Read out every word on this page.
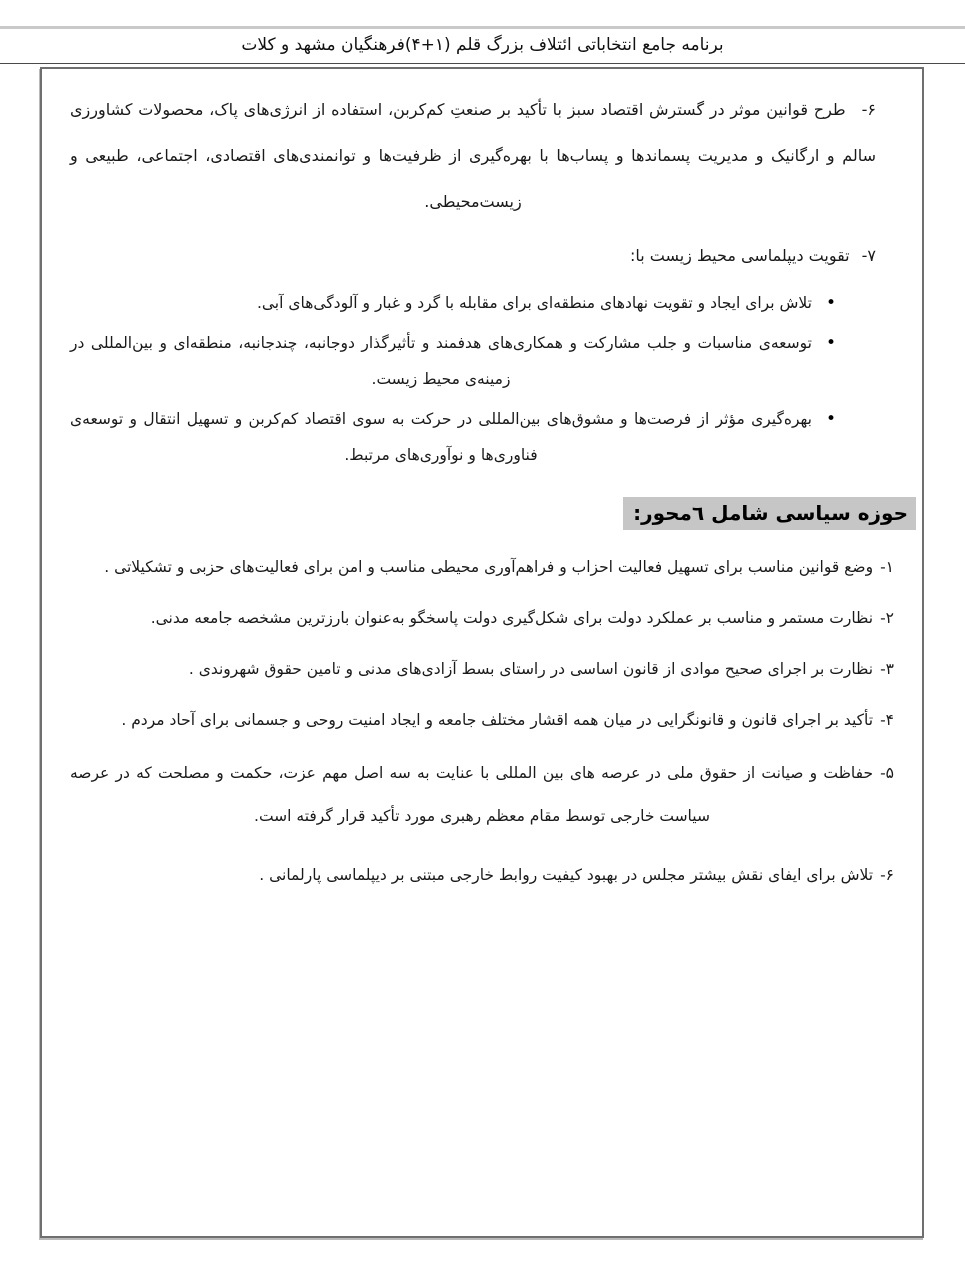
برنامه جامع انتخاباتی ائتلاف بزرگ قلم (۱+۴)فرهنگیان مشهد و کلات

۶-طرح قوانین موثر در گسترش اقتصاد سبز با تأکید بر صنعتِ کم‌کربن، استفاده از انرژی‌های پاک، محصولات کشاورزی سالم و ارگانیک و مدیریت پسماندها و پساب‌ها با بهره‌گیری از ظرفیت‌ها و توانمندی‌های اقتصادی، اجتماعی، طبیعی و زیست‌محیطی.

۷-تقویت دیپلماسی محیط زیست با:

•
تلاش برای ایجاد و تقویت نهادهای منطقه‌ای برای مقابله با گرد و غبار و آلودگی‌های آبی.
•
توسعه‌ی مناسبات و جلب مشارکت و همکاری‌های هدفمند و تأثیرگذار دوجانبه، چندجانبه، منطقه‌ای و بین‌المللی در زمینه‌ی محیط زیست.
•
بهره‌گیری مؤثر از فرصت‌ها و مشوق‌های بین‌المللی در حرکت به سوی اقتصاد کم‌کربن و تسهیل انتقال و توسعه‌ی فناوری‌ها و نوآوری‌های مرتبط.
حوزه سیاسی شامل ٦محور:

۱-وضع قوانین مناسب برای تسهیل فعالیت احزاب و فراهم‌آوری محیطی مناسب و امن برای فعالیت‌های حزبی و تشکیلاتی .

۲-نظارت مستمر و مناسب بر عملکرد دولت برای شکل‌گیری دولت پاسخگو به‌عنوان بارزترین مشخصه جامعه مدنی.

۳-نظارت بر اجرای صحیح موادی از قانون اساسی در راستای بسط آزادی‌های مدنی و تامین حقوق شهروندی .

۴-تأکید بر اجرای قانون و قانونگرایی در میان همه اقشار مختلف جامعه و ایجاد امنیت روحی و جسمانی برای آحاد مردم .

۵-حفاظت و صیانت از حقوق ملی در عرصه های بین المللی با عنایت به سه اصل مهم عزت، حکمت و مصلحت که در عرصه سیاست خارجی توسط مقام معظم رهبری مورد تأکید قرار گرفته است.

۶-تلاش برای ایفای نقش بیشتر مجلس در بهبود کیفیت روابط خارجی مبتنی بر دیپلماسی پارلمانی .
